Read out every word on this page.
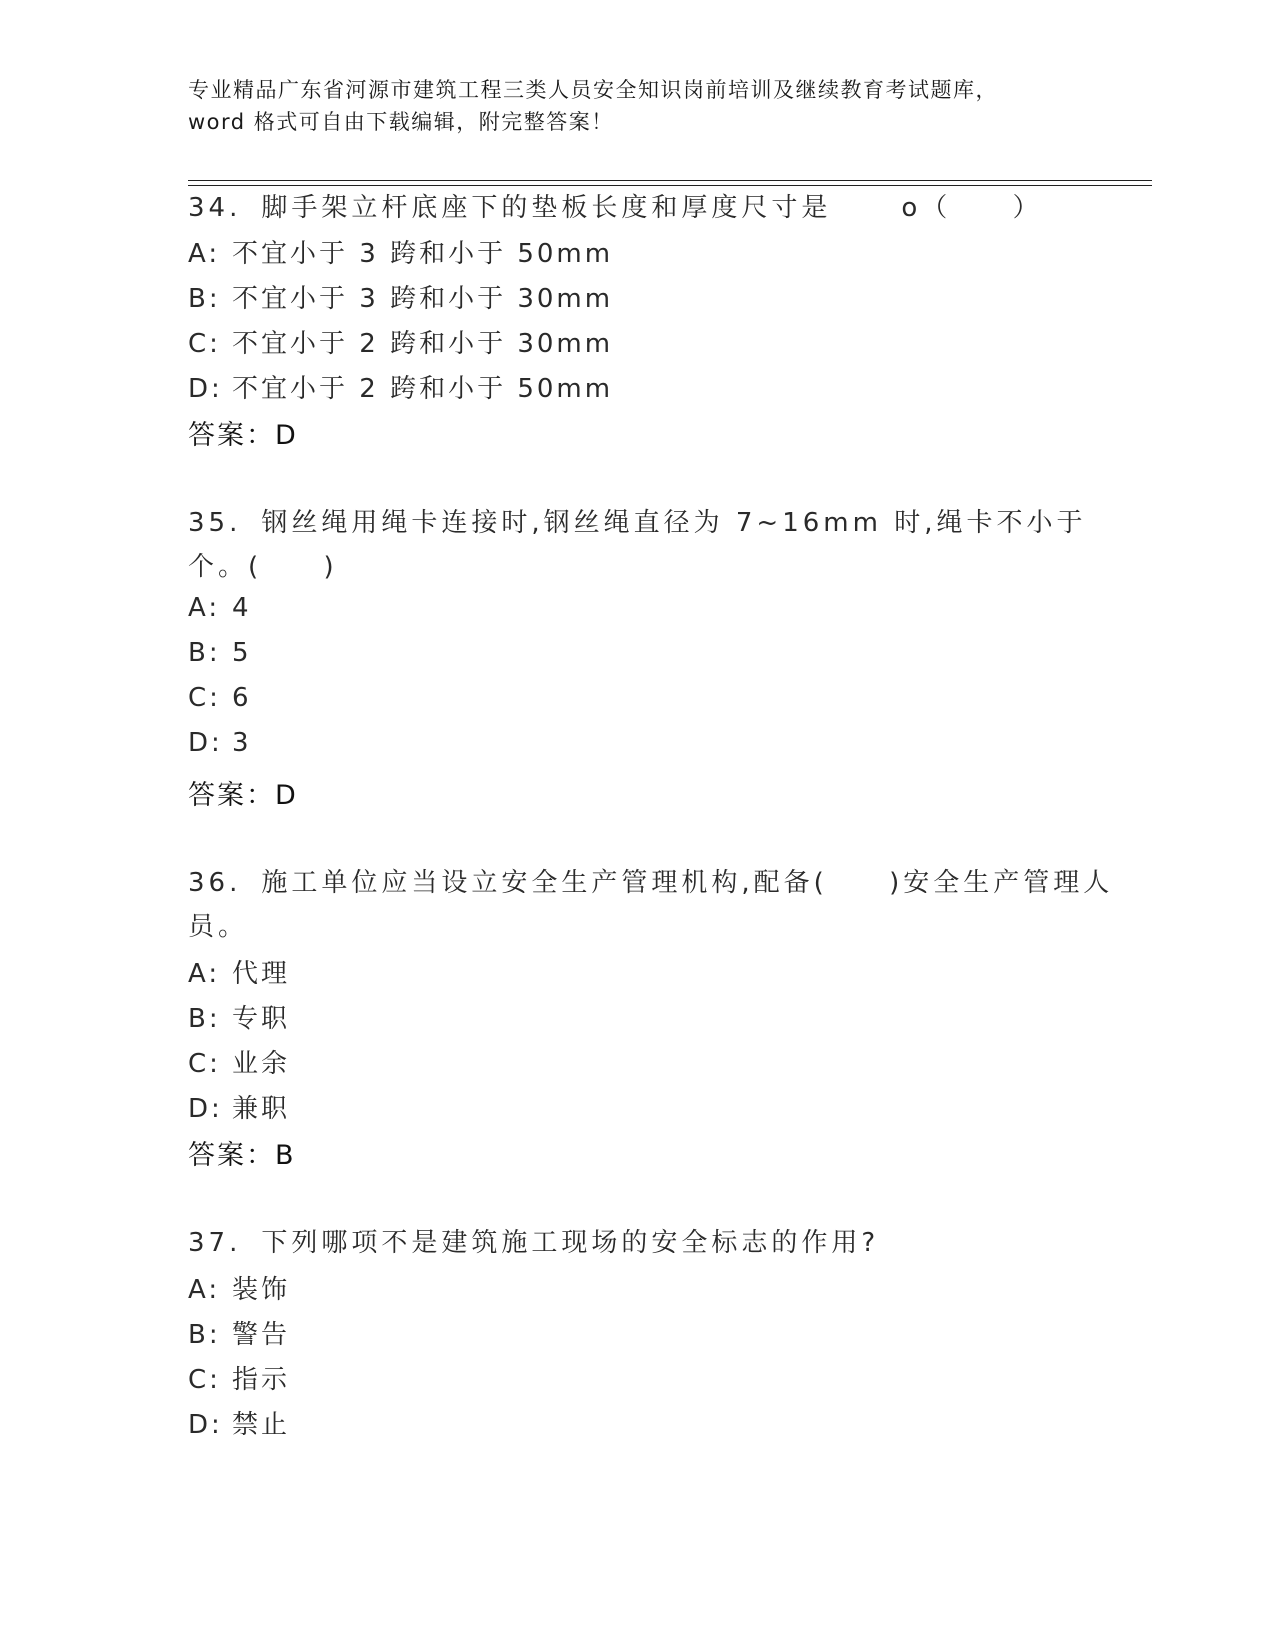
专业精品广东省河源市建筑工程三类人员安全知识岗前培训及继续教育考试题库，
word 格式可自由下载编辑，附完整答案！
34. 脚手架立杆底座下的垫板长度和厚度尺寸是	o（     ）
A: 不宜小于 3 跨和小于 50mm
B: 不宜小于 3 跨和小于 30mm
C: 不宜小于 2 跨和小于 30mm
D: 不宜小于 2 跨和小于 50mm
答案：D
35. 钢丝绳用绳卡连接时,钢丝绳直径为 7~16mm 时,绳卡不小于
个。(     )
A: 4
B: 5
C: 6
D: 3
答案：D
36. 施工单位应当设立安全生产管理机构,配备(     )安全生产管理人
员。
A: 代理
B: 专职
C: 业余
D: 兼职
答案：B
37. 下列哪项不是建筑施工现场的安全标志的作用?
A: 装饰
B: 警告
C: 指示
D: 禁止
